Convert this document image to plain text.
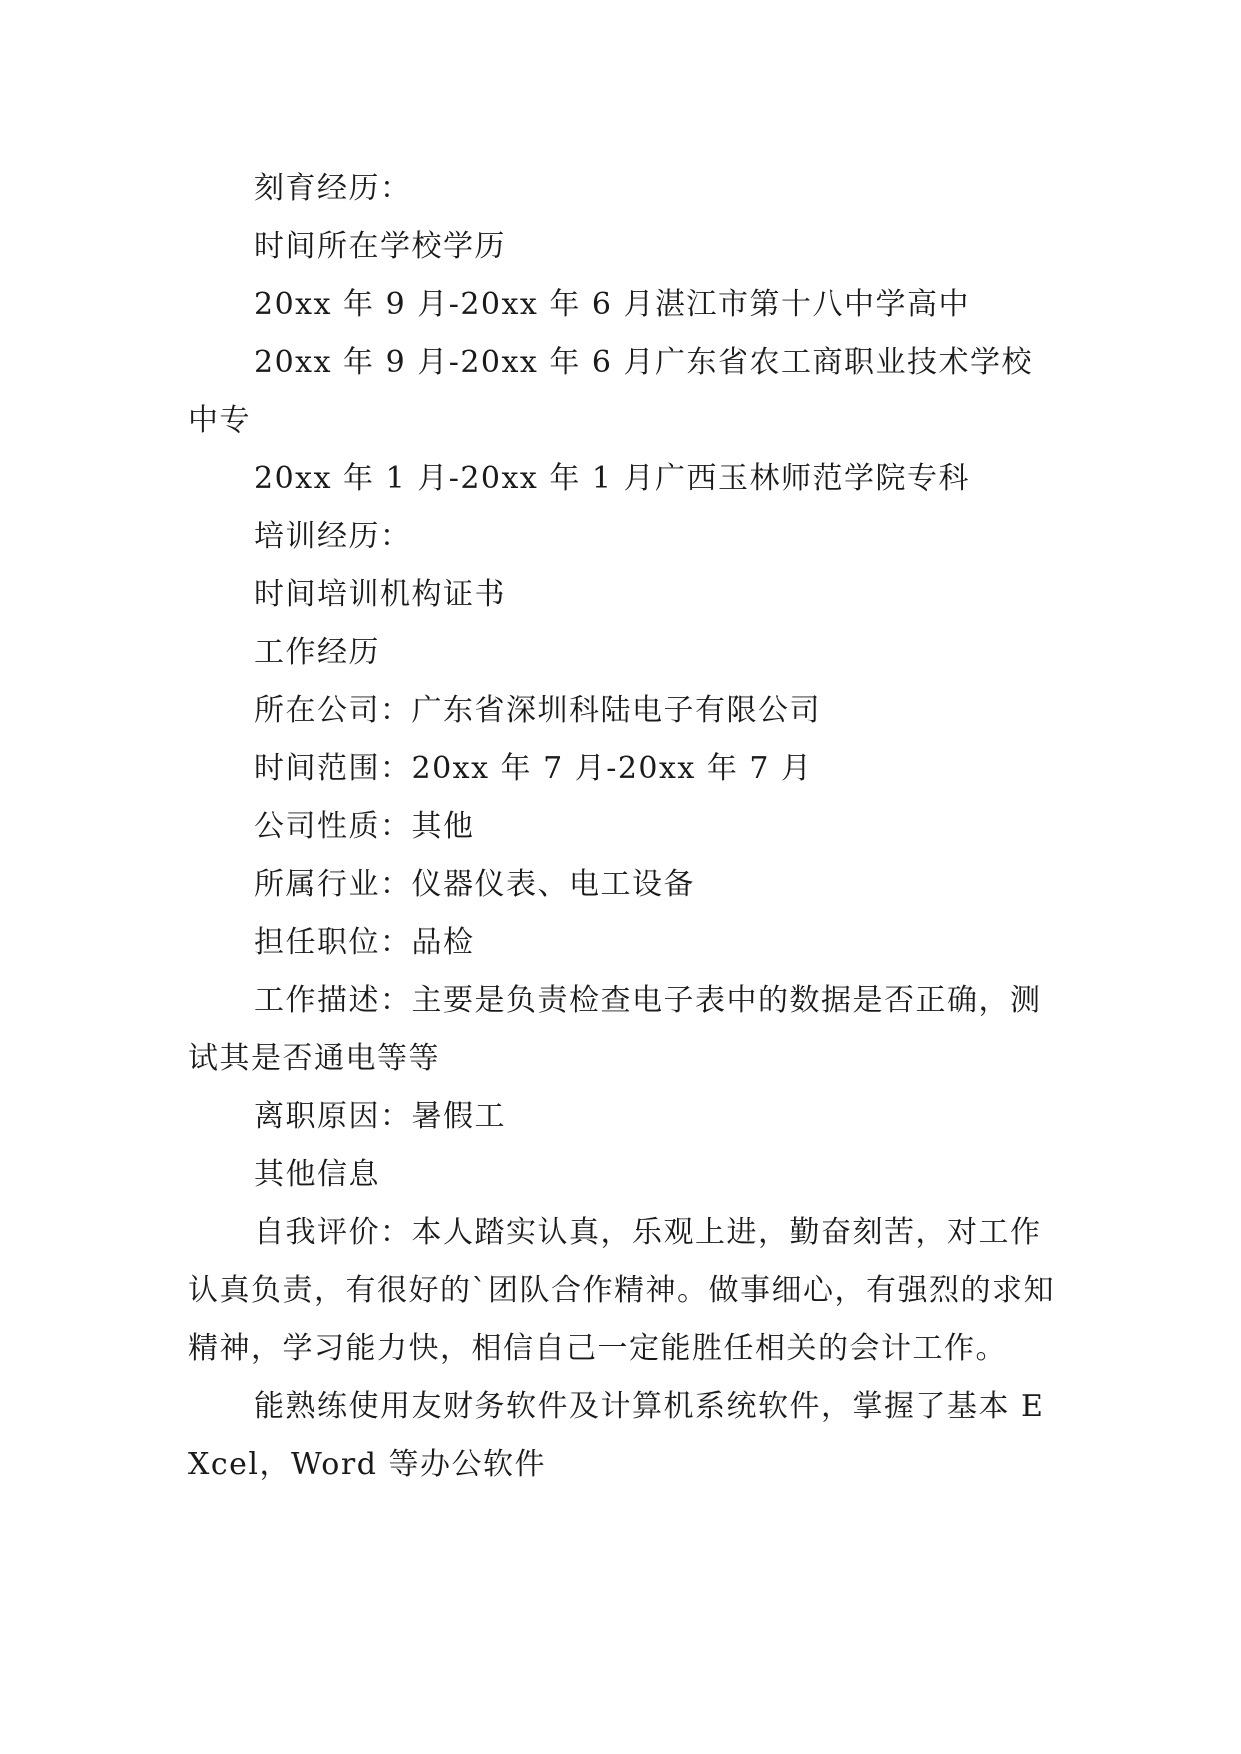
刻育经历：

时间所在学校学历

20xx 年 9 月-20xx 年 6 月湛江市第十八中学高中

20xx 年 9 月-20xx 年 6 月广东省农工商职业技术学校中专

20xx 年 1 月-20xx 年 1 月广西玉林师范学院专科

培训经历：

时间培训机构证书

工作经历

所在公司：广东省深圳科陆电子有限公司

时间范围：20xx 年 7 月-20xx 年 7 月

公司性质：其他

所属行业：仪器仪表、电工设备

担任职位：品检

工作描述：主要是负责检查电子表中的数据是否正确，测试其是否通电等等

离职原因：暑假工

其他信息

自我评价：本人踏实认真，乐观上进，勤奋刻苦，对工作认真负责，有很好的`团队合作精神。做事细心，有强烈的求知精神，学习能力快，相信自己一定能胜任相关的会计工作。

能熟练使用友财务软件及计算机系统软件，掌握了基本 EXcel，Word 等办公软件
